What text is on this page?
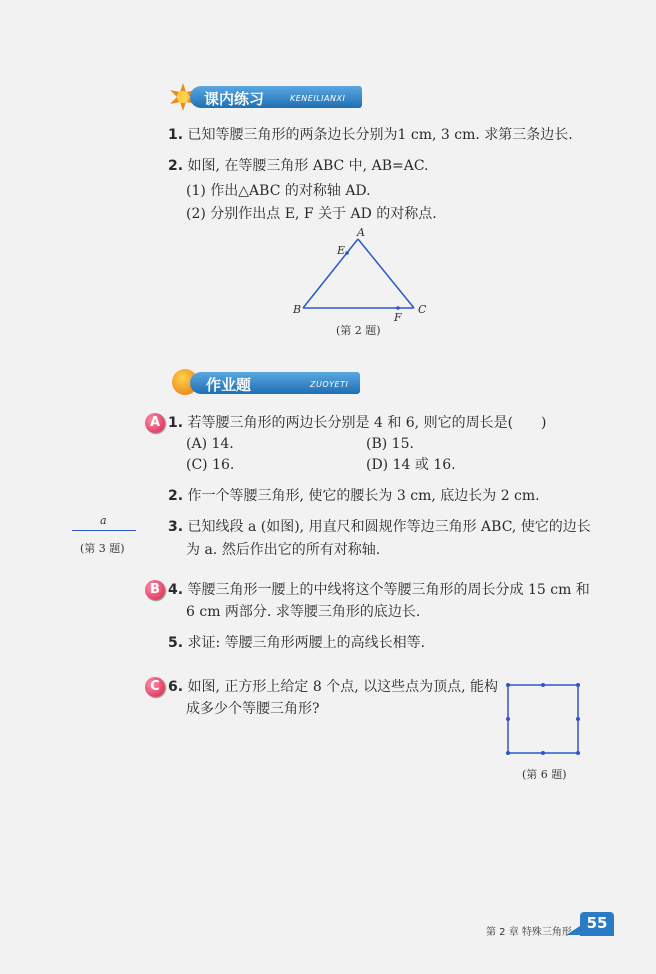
课内练习	KENEILIANXI
1. 已知等腰三角形的两条边长分别为1 cm, 3 cm. 求第三条边长.
2. 如图, 在等腰三角形 ABC 中, AB=AC.
(1) 作出△ABC 的对称轴 AD.
(2) 分别作出点 E, F 关于 AD 的对称点.
A
E
B
F
C
(第 2 题)
作业题	ZUOYETI
A 1. 若等腰三角形的两边长分别是 4 和 6, 则它的周长是( )
(A) 14.	(B) 15.
(C) 16.	(D) 14 或 16.
2. 作一个等腰三角形, 使它的腰长为 3 cm, 底边长为 2 cm.
a
(第 3 题)
3. 已知线段 a (如图), 用直尺和圆规作等边三角形 ABC, 使它的边长
为 a. 然后作出它的所有对称轴.
B 4. 等腰三角形一腰上的中线将这个等腰三角形的周长分成 15 cm 和
6 cm 两部分. 求等腰三角形的底边长.
5. 求证: 等腰三角形两腰上的高线长相等.
C 6. 如图, 正方形上给定 8 个点, 以这些点为顶点, 能构
成多少个等腰三角形?
(第 6 题)
第 2 章 特殊三角形
55
